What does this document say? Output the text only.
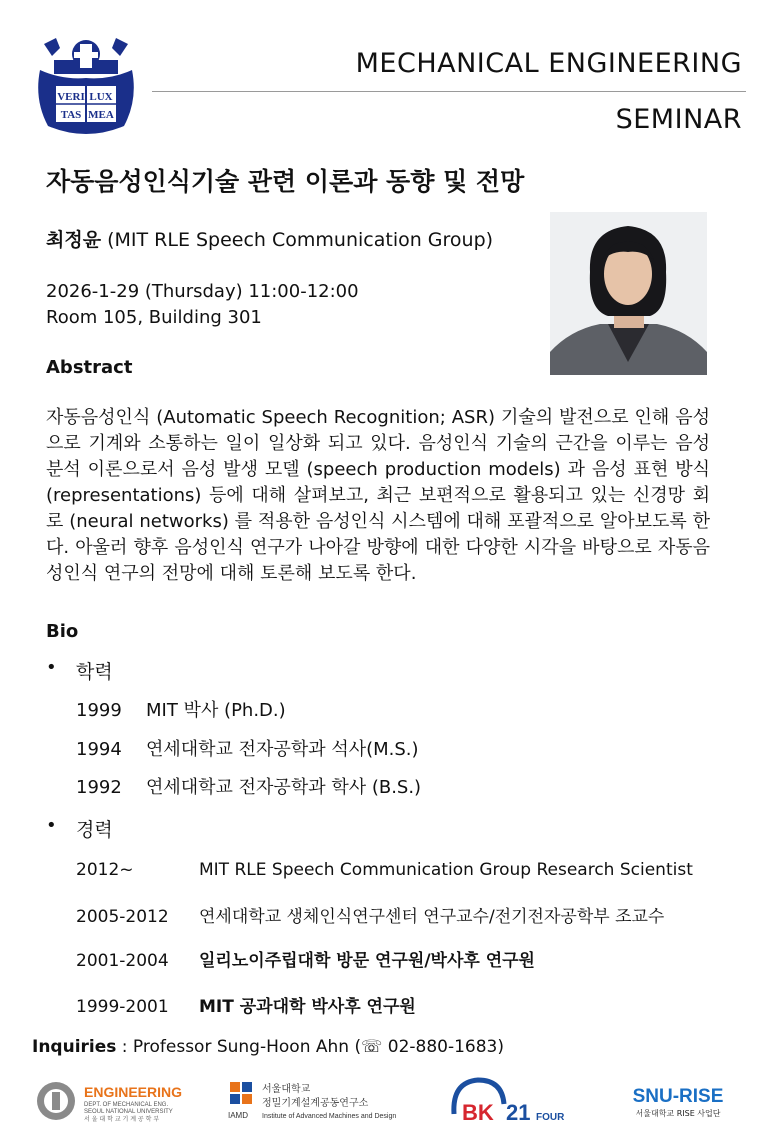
VERI LUX
TAS MEA
MECHANICAL ENGINEERING
SEMINAR
자동음성인식기술 관련 이론과 동향 및 전망
최정윤 (MIT RLE Speech Communication Group)
2026-1-29 (Thursday) 11:00-12:00
Room 105, Building 301
Abstract
자동음성인식 (Automatic Speech Recognition; ASR) 기술의 발전으로 인해 음성으로 기계와 소통하는 일이 일상화 되고 있다. 음성인식 기술의 근간을 이루는 음성 분석 이론으로서 음성 발생 모델 (speech production models) 과 음성 표현 방식 (representations) 등에 대해 살펴보고, 최근 보편적으로 활용되고 있는 신경망 회로 (neural networks) 를 적용한 음성인식 시스템에 대해 포괄적으로 알아보도록 한다. 아울러 향후 음성인식 연구가 나아갈 방향에 대한 다양한 시각을 바탕으로 자동음성인식 연구의 전망에 대해 토론해 보도록 한다.
Bio
• 학력
1999 MIT 박사 (Ph.D.)
1994 연세대학교 전자공학과 석사(M.S.)
1992 연세대학교 전자공학과 학사 (B.S.)
• 경력
2012~	MIT RLE Speech Communication Group Research Scientist
2005-2012 연세대학교 생체인식연구센터 연구교수/전기전자공학부 조교수
2001-2004 일리노이주립대학 방문 연구원/박사후 연구원
1999-2001 MIT 공과대학 박사후 연구원
Inquiries : Professor Sung-Hoon Ahn (☏ 02-880-1683)
ENGINEERING
DEPT. OF MECHANICAL ENG.
SEOUL NATIONAL UNIVERSITY
서 울 대 학 교 기 계 공 학 부	IAMD
서울대학교
정밀기계설계공동연구소
Institute of Advanced Machines and Design	BK 21 FOUR
SNU-RISE
서울대학교 RISE 사업단
